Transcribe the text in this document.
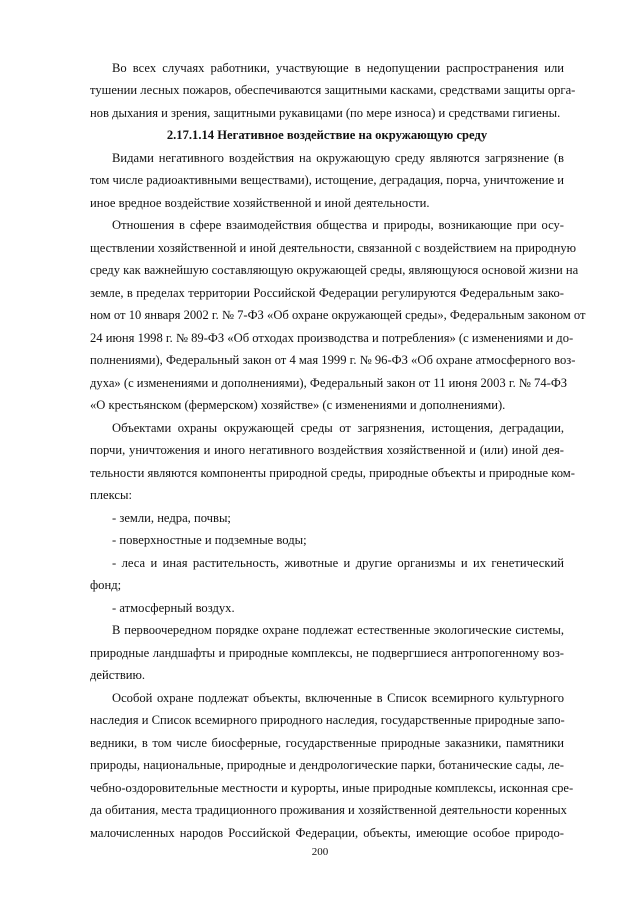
Во всех случаях работники, участвующие в недопущении распространения или

тушении лесных пожаров, обеспечиваются защитными касками, средствами защиты орга-

нов дыхания и зрения, защитными рукавицами (по мере износа) и средствами гигиены.

2.17.1.14 Негативное воздействие на окружающую среду

Видами негативного воздействия на окружающую среду являются загрязнение (в

том числе радиоактивными веществами), истощение, деградация, порча, уничтожение и

иное вредное воздействие хозяйственной и иной деятельности.

Отношения в сфере взаимодействия общества и природы, возникающие при осу-

ществлении хозяйственной и иной деятельности, связанной с воздействием на природную

среду как важнейшую составляющую окружающей среды, являющуюся основой жизни на

земле, в пределах территории Российской Федерации регулируются Федеральным зако-

ном от 10 января 2002 г. № 7-ФЗ «Об охране окружающей среды», Федеральным законом от

24 июня 1998 г. № 89-ФЗ «Об отходах производства и потребления» (с изменениями и до-

полнениями), Федеральный закон от 4 мая 1999 г. № 96-ФЗ «Об охране атмосферного воз-

духа» (с изменениями и дополнениями), Федеральный закон от 11 июня 2003 г. № 74-ФЗ

«О крестьянском (фермерском) хозяйстве» (с изменениями и дополнениями).

Объектами охраны окружающей среды от загрязнения, истощения, деградации,

порчи, уничтожения и иного негативного воздействия хозяйственной и (или) иной дея-

тельности являются компоненты природной среды, природные объекты и природные ком-

плексы:

- земли, недра, почвы;

- поверхностные и подземные воды;

- леса и иная растительность, животные и другие организмы и их генетический

фонд;

- атмосферный воздух.

В первоочередном порядке охране подлежат естественные экологические системы,

природные ландшафты и природные комплексы, не подвергшиеся антропогенному воз-

действию.

Особой охране подлежат объекты, включенные в Список всемирного культурного

наследия и Список всемирного природного наследия, государственные природные запо-

ведники, в том числе биосферные, государственные природные заказники, памятники

природы, национальные, природные и дендрологические парки, ботанические сады, ле-

чебно-оздоровительные местности и курорты, иные природные комплексы, исконная сре-

да обитания, места традиционного проживания и хозяйственной деятельности коренных

малочисленных народов Российской Федерации, объекты, имеющие особое природо-

200
